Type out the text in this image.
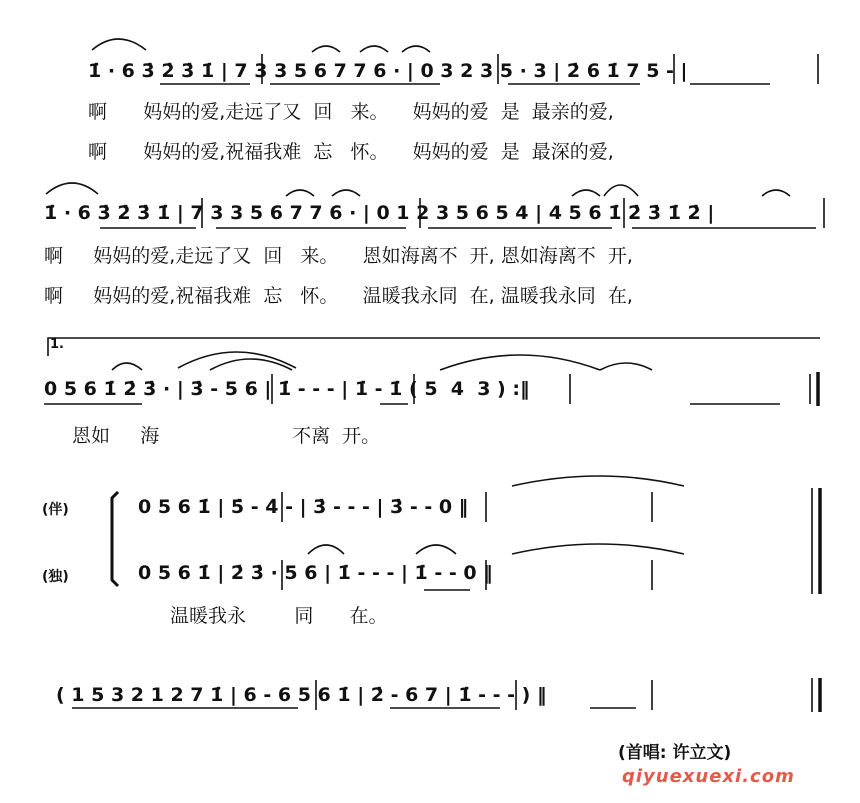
1̇ · 6 3̇ 2̇ 3̇ 1̇ | 7 3 3 5 6 7 7 6 · | 0 3 2 3 5 · 3 | 2̇ 6 1̇ 7 5 - |
啊      妈妈的爱,走远了又  回   来。    妈妈的爱  是  最亲的爱,
啊      妈妈的爱,祝福我难  忘   怀。    妈妈的爱  是  最深的爱,
1̇ · 6 3̇ 2̇ 3̇ 1̇ | 7 3 3 5 6 7 7 6 · | 0 1 2 3 5 6 5 4 | 4 5 6 1̇ 2̇ 3̇ 1̇ 2̇ |
啊     妈妈的爱,走远了又  回   来。    恩如海离不  开, 恩如海离不  开,
啊     妈妈的爱,祝福我难  忘   怀。    温暖我永同  在, 温暖我永同  在,
1.
0 5 6 1̇ 2̇ 3̇ · | 3̇ - 5 6 | 1̇ - - - | 1̇ - 1̇ ( 5  4  3 ) :‖
恩如     海                      不离  开。
(伴)
(独)
0 5 6 1̇ | 5̇ - 4̇ - | 3̇ - - - | 3̇ - - 0 ‖
0 5 6 1̇ | 2̇ 3̇ · 5 6 | 1̇ - - - | 1̇ - - 0 ‖
温暖我永        同      在。
( 1 5 3 2 1 2 7 1̇ | 6 - 6 5 6 1̇ | 2̇ - 6 7 | 1̇ - - - ) ‖
(首唱: 许立文)
qiyuexuexi.com
